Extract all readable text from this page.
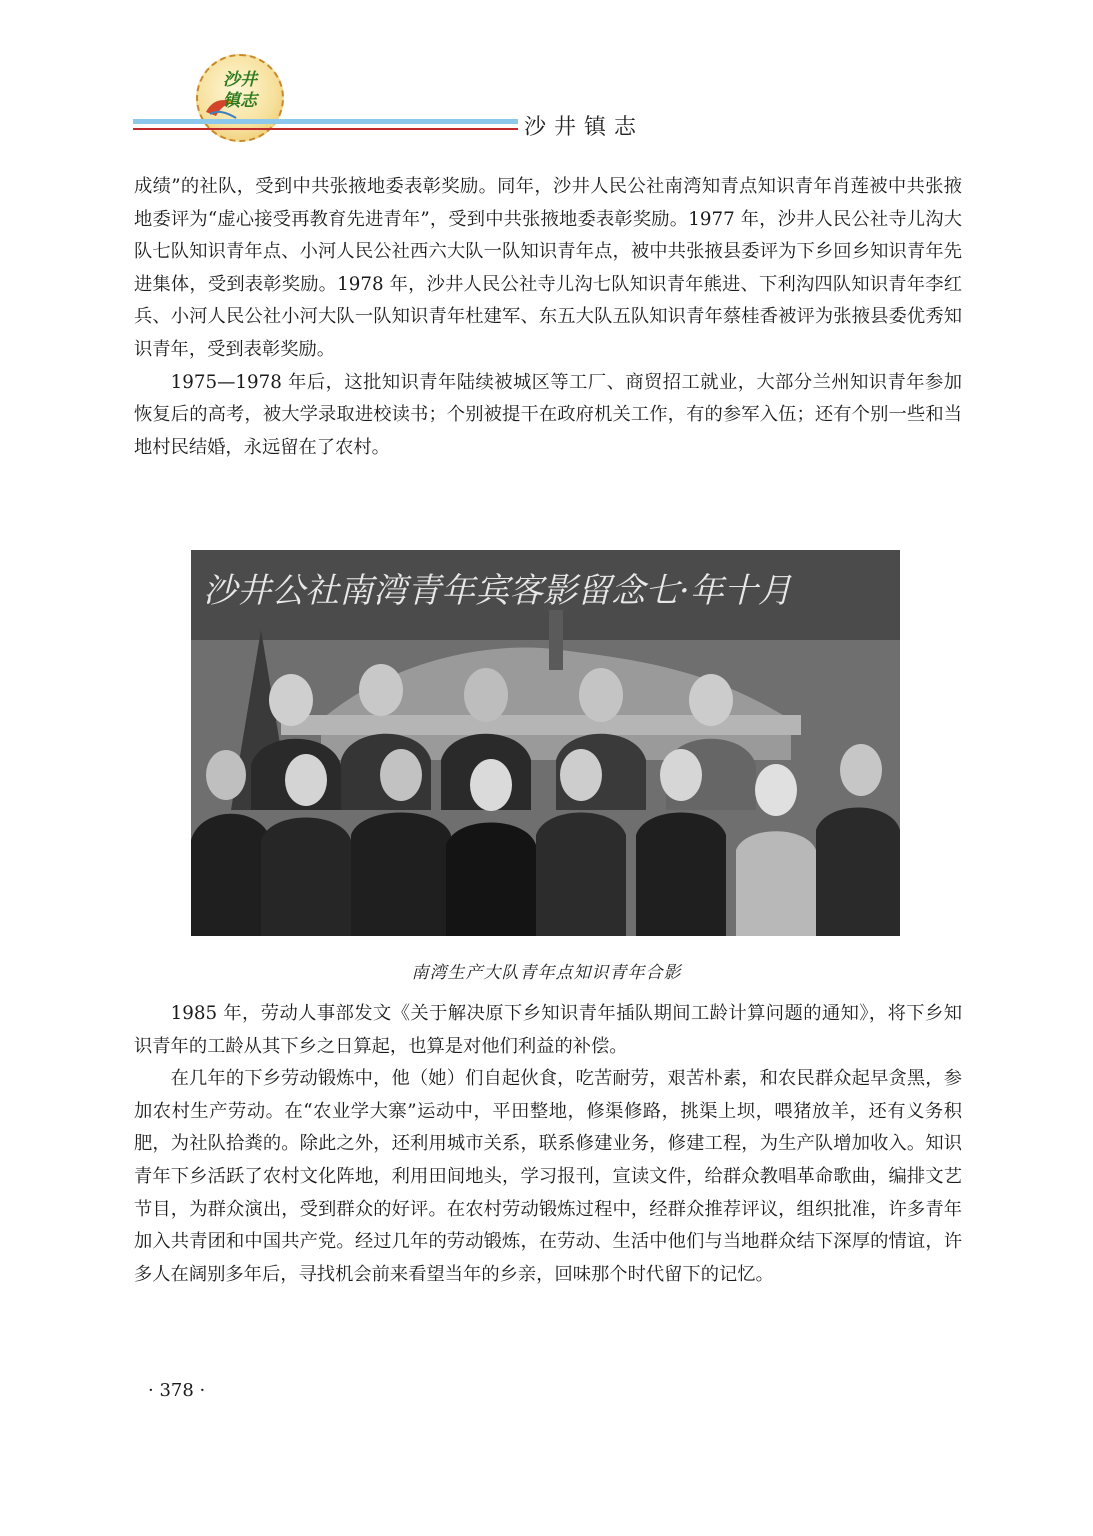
沙井
镇志
沙井镇志

成绩”的社队，受到中共张掖地委表彰奖励。同年，沙井人民公社南湾知青点知识青年肖莲被中共张掖地委评为“虚心接受再教育先进青年”，受到中共张掖地委表彰奖励。1977 年，沙井人民公社寺儿沟大队七队知识青年点、小河人民公社西六大队一队知识青年点，被中共张掖县委评为下乡回乡知识青年先进集体，受到表彰奖励。1978 年，沙井人民公社寺儿沟七队知识青年熊进、下利沟四队知识青年李红兵、小河人民公社小河大队一队知识青年杜建军、东五大队五队知识青年蔡桂香被评为张掖县委优秀知识青年，受到表彰奖励。

1975—1978 年后，这批知识青年陆续被城区等工厂、商贸招工就业，大部分兰州知识青年参加恢复后的高考，被大学录取进校读书；个别被提干在政府机关工作，有的参军入伍；还有个别一些和当地村民结婚，永远留在了农村。

沙井公社南湾青年宾客影留念七·年十月
南湾生产大队青年点知识青年合影

1985 年，劳动人事部发文《关于解决原下乡知识青年插队期间工龄计算问题的通知》，将下乡知识青年的工龄从其下乡之日算起，也算是对他们利益的补偿。

在几年的下乡劳动锻炼中，他（她）们自起伙食，吃苦耐劳，艰苦朴素，和农民群众起早贪黑，参加农村生产劳动。在“农业学大寨”运动中，平田整地，修渠修路，挑渠上坝，喂猪放羊，还有义务积肥，为社队拾粪的。除此之外，还利用城市关系，联系修建业务，修建工程，为生产队增加收入。知识青年下乡活跃了农村文化阵地，利用田间地头，学习报刊，宣读文件，给群众教唱革命歌曲，编排文艺节目，为群众演出，受到群众的好评。在农村劳动锻炼过程中，经群众推荐评议，组织批准，许多青年加入共青团和中国共产党。经过几年的劳动锻炼，在劳动、生活中他们与当地群众结下深厚的情谊，许多人在阔别多年后，寻找机会前来看望当年的乡亲，回味那个时代留下的记忆。

· 378 ·
